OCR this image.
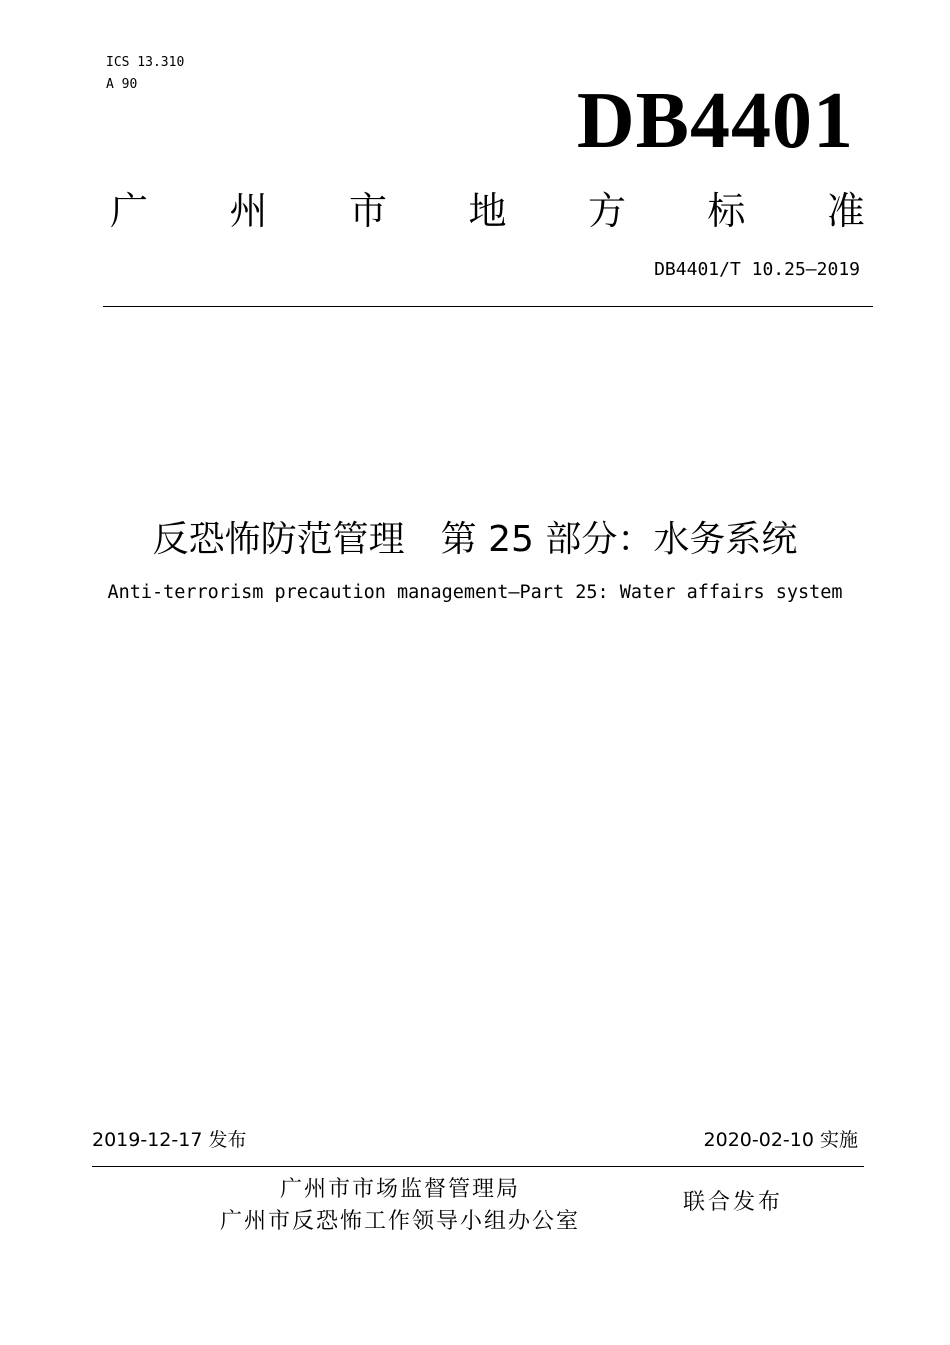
ICS 13.310
A 90	DB4401
广 州 市 地 方 标 准
DB4401/T 10.25—2019
反恐怖防范管理　第 25 部分：水务系统
Anti-terrorism precaution management—Part 25: Water affairs system
2019-12-17 发布	2020-02-10 实施
广州市市场监督管理局
广州市反恐怖工作领导小组办公室
联合发布
